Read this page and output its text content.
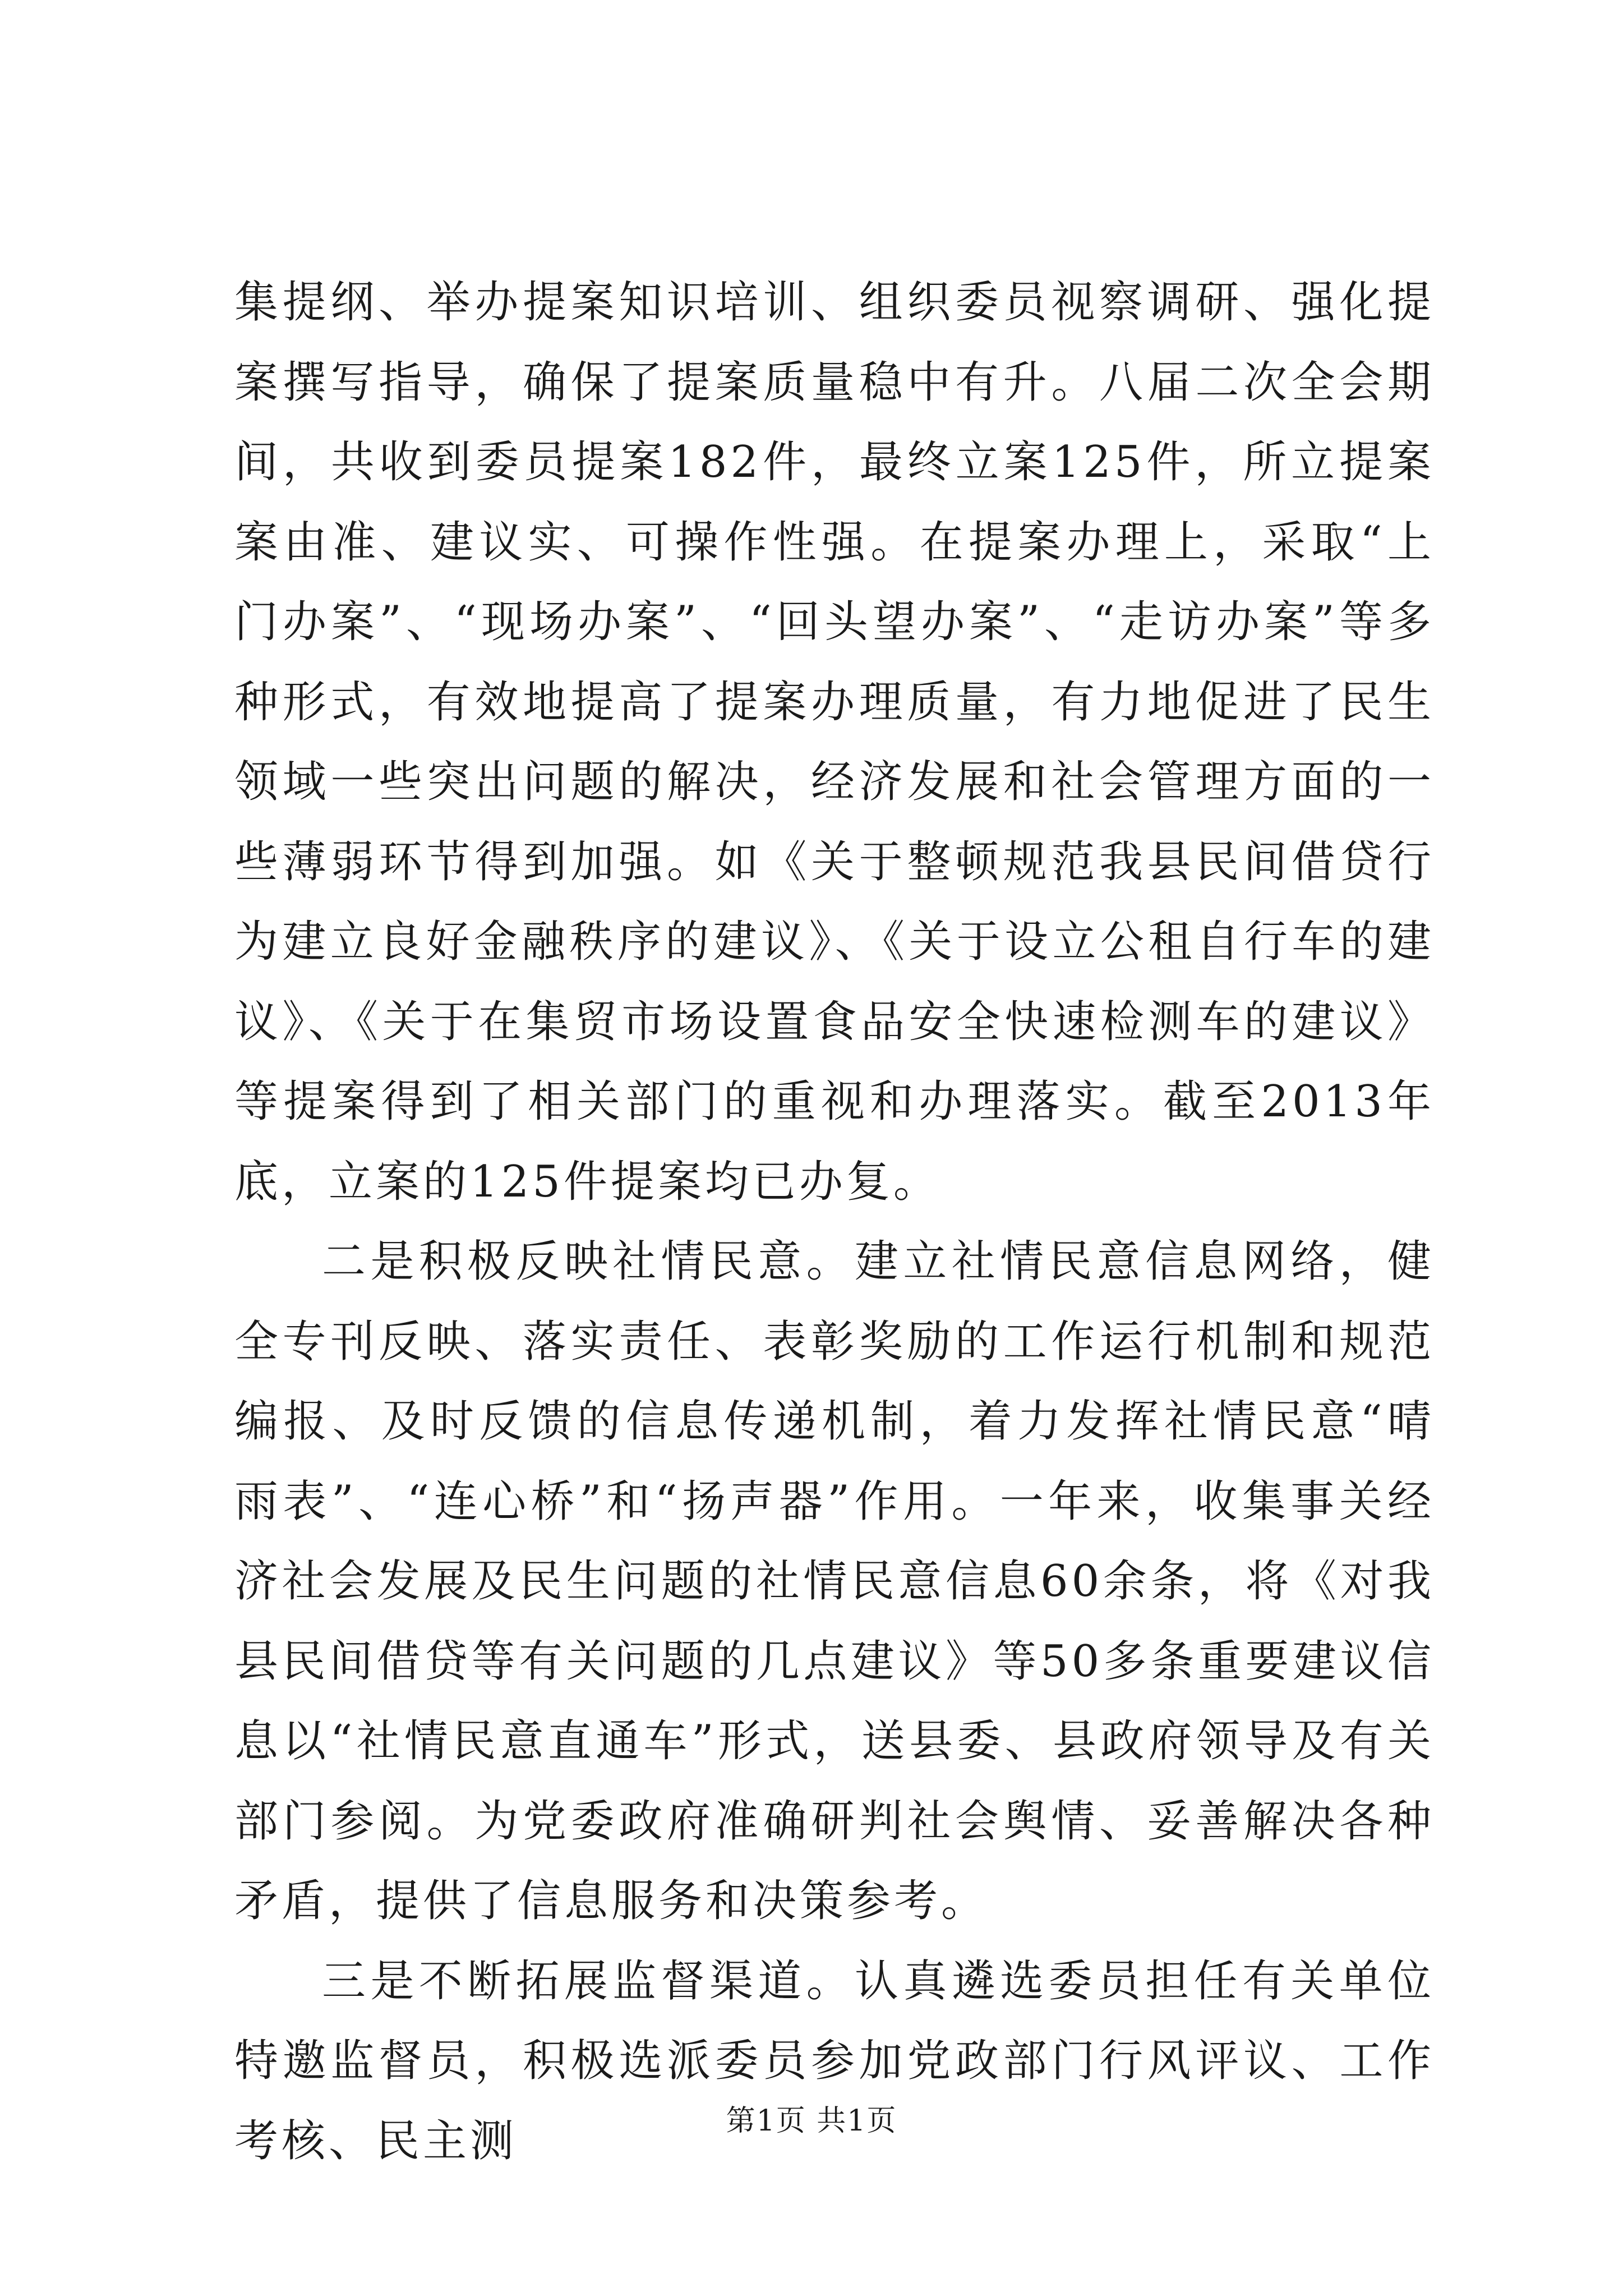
集提纲、举办提案知识培训、组织委员视察调研、强化提案撰写指导，确保了提案质量稳中有升。八届二次全会期间，共收到委员提案182件，最终立案125件，所立提案案由准、建议实、可操作性强。在提案办理上，采取“上门办案”、“现场办案”、“回头望办案”、“走访办案”等多种形式，有效地提高了提案办理质量，有力地促进了民生领域一些突出问题的解决，经济发展和社会管理方面的一些薄弱环节得到加强。如《关于整顿规范我县民间借贷行为建立良好金融秩序的建议》、《关于设立公租自行车的建议》、《关于在集贸市场设置食品安全快速检测车的建议》等提案得到了相关部门的重视和办理落实。截至2013年底，立案的125件提案均已办复。

二是积极反映社情民意。建立社情民意信息网络，健全专刊反映、落实责任、表彰奖励的工作运行机制和规范编报、及时反馈的信息传递机制，着力发挥社情民意“晴雨表”、“连心桥”和“扬声器”作用。一年来，收集事关经济社会发展及民生问题的社情民意信息60余条，将《对我县民间借贷等有关问题的几点建议》等50多条重要建议信息以“社情民意直通车”形式，送县委、县政府领导及有关部门参阅。为党委政府准确研判社会舆情、妥善解决各种矛盾，提供了信息服务和决策参考。

三是不断拓展监督渠道。认真遴选委员担任有关单位特邀监督员，积极选派委员参加党政部门行风评议、工作考核、民主测	第1页 共1页
